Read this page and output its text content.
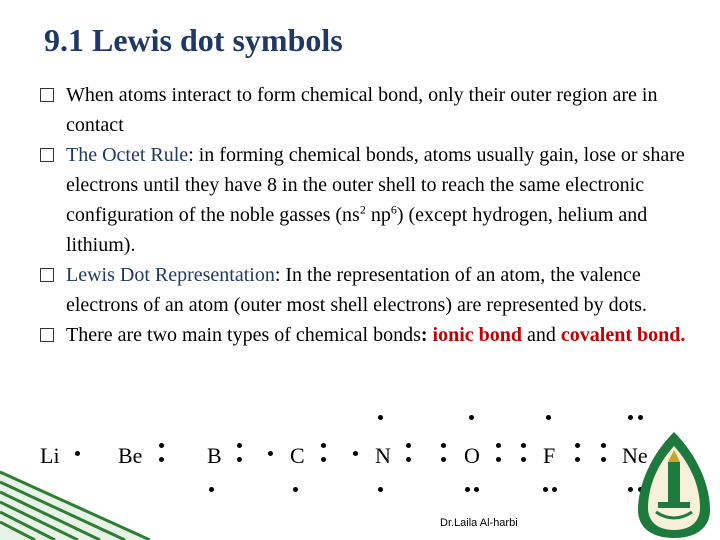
9.1 Lewis dot symbols
When atoms interact to form chemical bond, only their outer region are in contact
The Octet Rule: in forming chemical bonds, atoms usually gain, lose or share electrons until they have 8 in the outer shell to reach the same electronic configuration of the noble gasses ($ns^2$ $np^6$) (except hydrogen, helium and lithium).
Lewis Dot Representation: In the representation of an atom, the valence electrons of an atom (outer most shell electrons) are represented by dots.
There are two main types of chemical bonds: ionic bond and covalent bond.
Li	Be	B	C	N	O	F	Ne
Dr.Laila Al-harbi
